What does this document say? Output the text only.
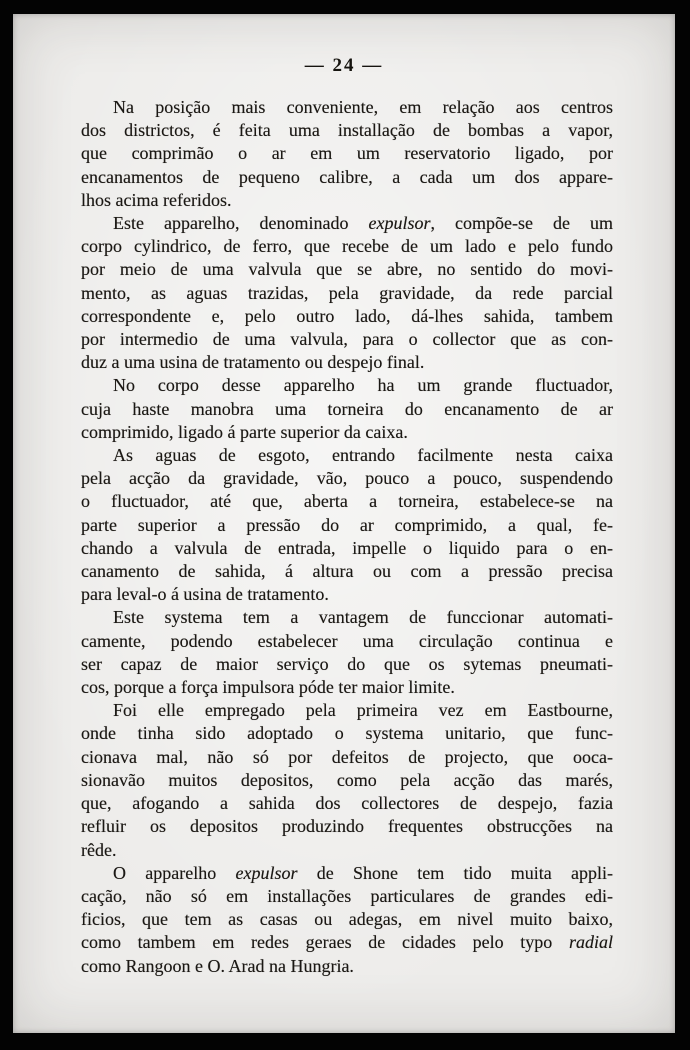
— 24 —
Na posição mais conveniente, em relação aos centros
dos districtos, é feita uma installação de bombas a vapor,
que comprimão o ar em um reservatorio ligado, por
encanamentos de pequeno calibre, a cada um dos appare-
lhos acima referidos.
Este apparelho, denominado expulsor, compõe-se de um
corpo cylindrico, de ferro, que recebe de um lado e pelo fundo
por meio de uma valvula que se abre, no sentido do movi-
mento, as aguas trazidas, pela gravidade, da rede parcial
correspondente e, pelo outro lado, dá-lhes sahida, tambem
por intermedio de uma valvula, para o collector que as con-
duz a uma usina de tratamento ou despejo final.
No corpo desse apparelho ha um grande fluctuador,
cuja haste manobra uma torneira do encanamento de ar
comprimido, ligado á parte superior da caixa.
As aguas de esgoto, entrando facilmente nesta caixa
pela acção da gravidade, vão, pouco a pouco, suspendendo
o fluctuador, até que, aberta a torneira, estabelece-se na
parte superior a pressão do ar comprimido, a qual, fe-
chando a valvula de entrada, impelle o liquido para o en-
canamento de sahida, á altura ou com a pressão precisa
para leval-o á usina de tratamento.
Este systema tem a vantagem de funccionar automati-
camente, podendo estabelecer uma circulação continua e
ser capaz de maior serviço do que os sytemas pneumati-
cos, porque a força impulsora póde ter maior limite.
Foi elle empregado pela primeira vez em Eastbourne,
onde tinha sido adoptado o systema unitario, que func-
cionava mal, não só por defeitos de projecto, que ooca-
sionavão muitos depositos, como pela acção das marés,
que, afogando a sahida dos collectores de despejo, fazia
refluir os depositos produzindo frequentes obstrucções na
rêde.
O apparelho expulsor de Shone tem tido muita appli-
cação, não só em installações particulares de grandes edi-
ficios, que tem as casas ou adegas, em nivel muito baixo,
como tambem em redes geraes de cidades pelo typo radial
como Rangoon e O. Arad na Hungria.
